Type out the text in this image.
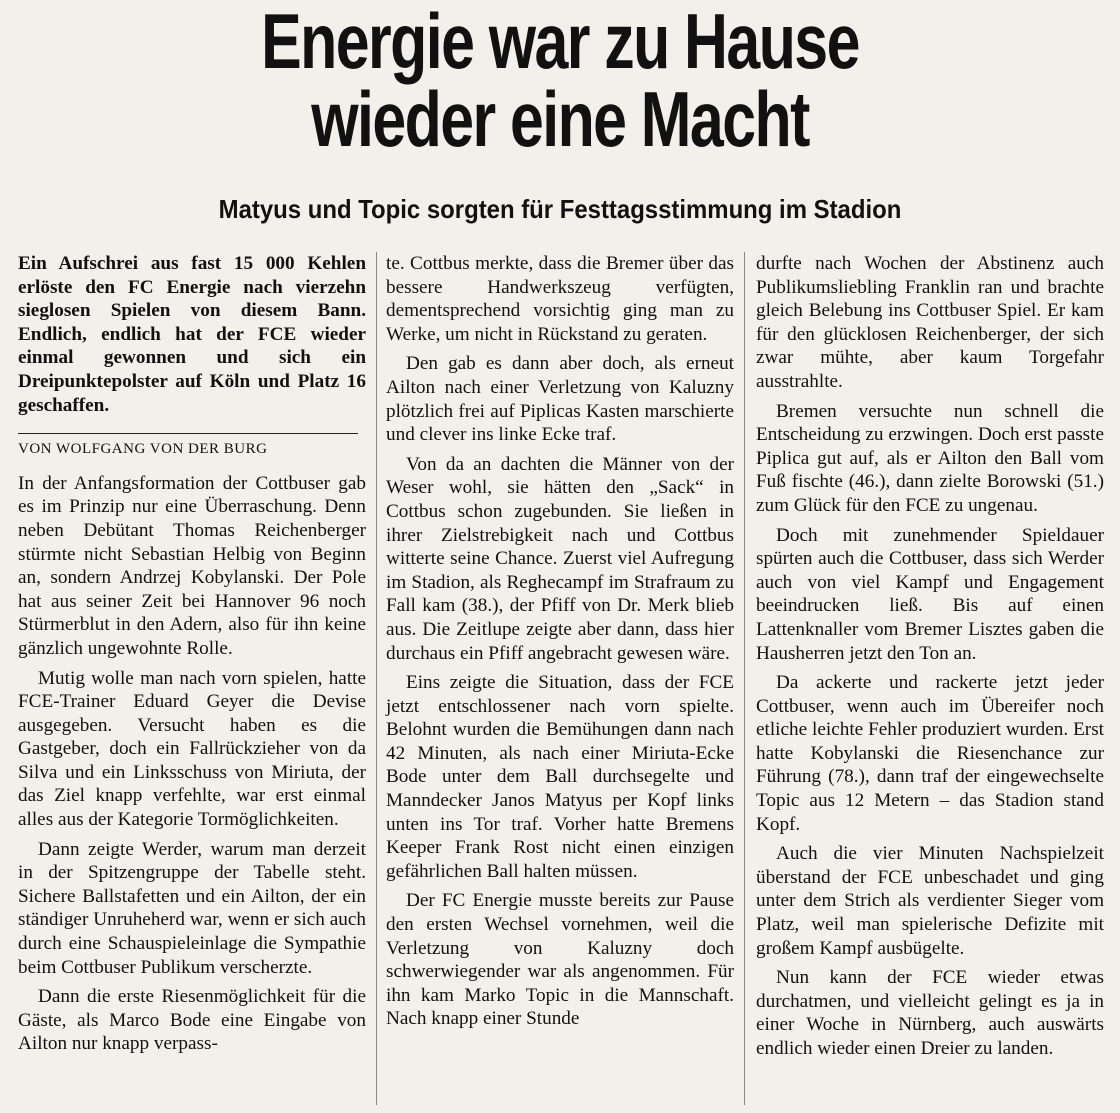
Energie war zu Hause
wieder eine Macht
Matyus und Topic sorgten für Festtagsstimmung im Stadion

Ein Aufschrei aus fast 15 000 Kehlen erlöste den FC Energie nach vierzehn sieglosen Spielen von diesem Bann. Endlich, endlich hat der FCE wieder einmal gewonnen und sich ein Dreipunktepolster auf Köln und Platz 16 geschaffen.

VON WOLFGANG VON DER BURG

In der Anfangsformation der Cottbuser gab es im Prinzip nur eine Überraschung. Denn neben Debütant Thomas Reichenberger stürmte nicht Sebastian Helbig von Beginn an, sondern Andrzej Kobylanski. Der Pole hat aus seiner Zeit bei Hannover 96 noch Stürmerblut in den Adern, also für ihn keine gänzlich ungewohnte Rolle.

Mutig wolle man nach vorn spielen, hatte FCE-Trainer Eduard Geyer die Devise ausgegeben. Versucht haben es die Gastgeber, doch ein Fallrückzieher von da Silva und ein Linksschuss von Miriuta, der das Ziel knapp verfehlte, war erst einmal alles aus der Kategorie Tormöglichkeiten.

Dann zeigte Werder, warum man derzeit in der Spitzengruppe der Tabelle steht. Sichere Ballstafetten und ein Ailton, der ein ständiger Unruheherd war, wenn er sich auch durch eine Schauspieleinlage die Sympathie beim Cottbuser Publikum verscherzte.

Dann die erste Riesenmöglichkeit für die Gäste, als Marco Bode eine Eingabe von Ailton nur knapp verpass-

te. Cottbus merkte, dass die Bremer über das bessere Handwerkszeug verfügten, dementsprechend vorsichtig ging man zu Werke, um nicht in Rückstand zu geraten.

Den gab es dann aber doch, als erneut Ailton nach einer Verletzung von Kaluzny plötzlich frei auf Piplicas Kasten marschierte und clever ins linke Ecke traf.

Von da an dachten die Männer von der Weser wohl, sie hätten den „Sack“ in Cottbus schon zugebunden. Sie ließen in ihrer Zielstrebigkeit nach und Cottbus witterte seine Chance. Zuerst viel Aufregung im Stadion, als Reghecampf im Strafraum zu Fall kam (38.), der Pfiff von Dr. Merk blieb aus. Die Zeitlupe zeigte aber dann, dass hier durchaus ein Pfiff angebracht gewesen wäre.

Eins zeigte die Situation, dass der FCE jetzt entschlossener nach vorn spielte. Belohnt wurden die Bemühungen dann nach 42 Minuten, als nach einer Miriuta-Ecke Bode unter dem Ball durchsegelte und Manndecker Janos Matyus per Kopf links unten ins Tor traf. Vorher hatte Bremens Keeper Frank Rost nicht einen einzigen gefährlichen Ball halten müssen.

Der FC Energie musste bereits zur Pause den ersten Wechsel vornehmen, weil die Verletzung von Kaluzny doch schwerwiegender war als angenommen. Für ihn kam Marko Topic in die Mannschaft. Nach knapp einer Stunde

durfte nach Wochen der Abstinenz auch Publikumsliebling Franklin ran und brachte gleich Belebung ins Cottbuser Spiel. Er kam für den glücklosen Reichenberger, der sich zwar mühte, aber kaum Torgefahr ausstrahlte.

Bremen versuchte nun schnell die Entscheidung zu erzwingen. Doch erst passte Piplica gut auf, als er Ailton den Ball vom Fuß fischte (46.), dann zielte Borowski (51.) zum Glück für den FCE zu ungenau.

Doch mit zunehmender Spieldauer spürten auch die Cottbuser, dass sich Werder auch von viel Kampf und Engagement beeindrucken ließ. Bis auf einen Lattenknaller vom Bremer Lisztes gaben die Hausherren jetzt den Ton an.

Da ackerte und rackerte jetzt jeder Cottbuser, wenn auch im Übereifer noch etliche leichte Fehler produziert wurden. Erst hatte Kobylanski die Riesenchance zur Führung (78.), dann traf der eingewechselte Topic aus 12 Metern – das Stadion stand Kopf.

Auch die vier Minuten Nachspielzeit überstand der FCE unbeschadet und ging unter dem Strich als verdienter Sieger vom Platz, weil man spielerische Defizite mit großem Kampf ausbügelte.

Nun kann der FCE wieder etwas durchatmen, und vielleicht gelingt es ja in einer Woche in Nürnberg, auch auswärts endlich wieder einen Dreier zu landen.
